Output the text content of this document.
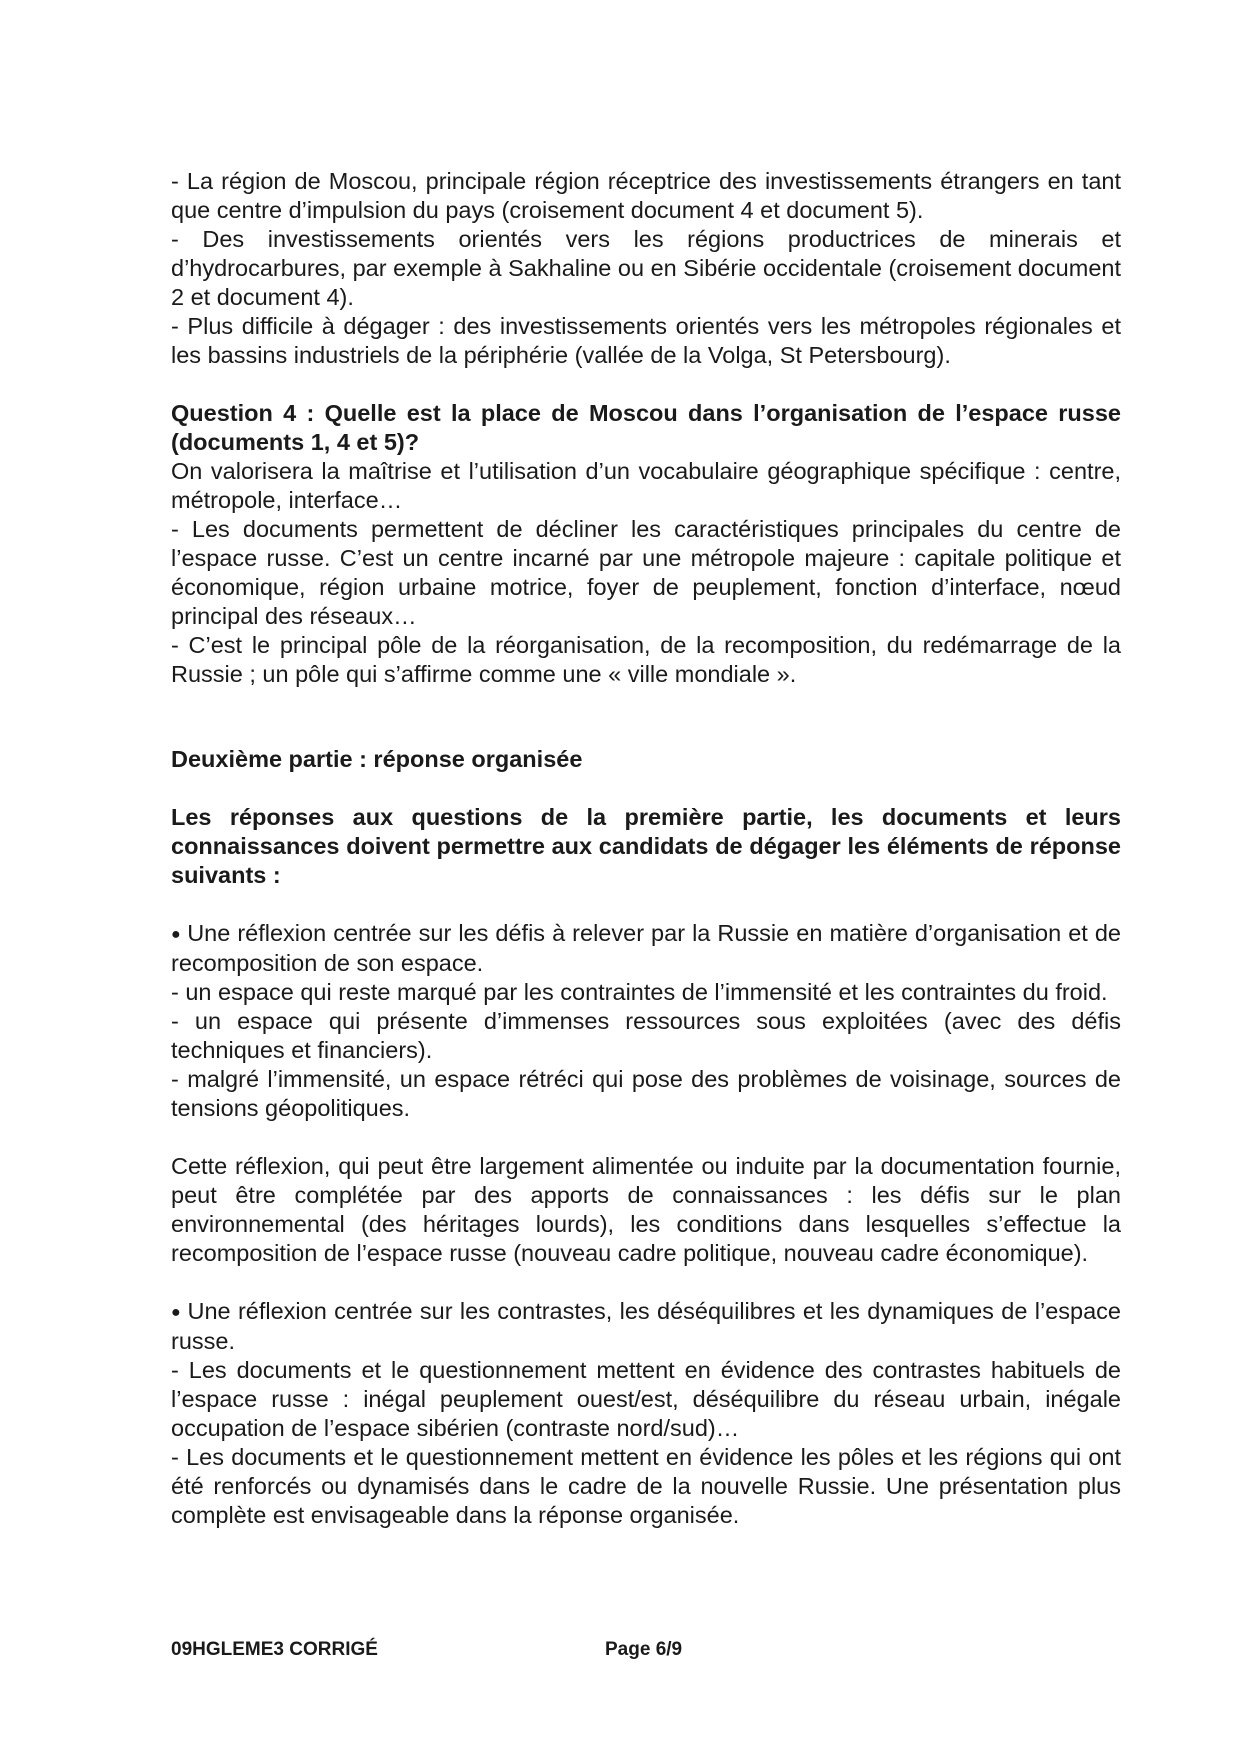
- La région de Moscou, principale région réceptrice des investissements étrangers en tant que centre d’impulsion du pays (croisement document 4 et document 5).

- Des investissements orientés vers les régions productrices de minerais et d’hydrocarbures, par exemple à Sakhaline ou en Sibérie occidentale (croisement document 2 et document 4).

- Plus difficile à dégager : des investissements orientés vers les métropoles régionales et les bassins industriels de la périphérie (vallée de la Volga, St Petersbourg).

Question 4 : Quelle est la place de Moscou dans l’organisation de l’espace russe (documents 1, 4 et 5)?

On valorisera la maîtrise et l’utilisation d’un vocabulaire géographique spécifique : centre, métropole, interface…

- Les documents permettent de décliner les caractéristiques principales du centre de l’espace russe. C’est un centre incarné par une métropole majeure : capitale politique et économique, région urbaine motrice, foyer de peuplement, fonction d’interface, nœud principal des réseaux…

- C’est le principal pôle de la réorganisation, de la recomposition, du redémarrage de la Russie ; un pôle qui s’affirme comme une « ville mondiale ».

Deuxième partie : réponse organisée

Les réponses aux questions de la première partie, les documents et leurs connaissances doivent permettre aux candidats de dégager les éléments de réponse suivants :

● Une réflexion centrée sur les défis à relever par la Russie en matière d’organisation et de recomposition de son espace.

- un espace qui reste marqué par les contraintes de l’immensité et les contraintes du froid.

- un espace qui présente d’immenses ressources sous exploitées (avec des défis techniques et financiers).

- malgré l’immensité, un espace rétréci qui pose des problèmes de voisinage, sources de tensions géopolitiques.

Cette réflexion, qui peut être largement alimentée ou induite par la documentation fournie, peut être complétée par des apports de connaissances : les défis sur le plan environnemental (des héritages lourds), les conditions dans lesquelles s’effectue la recomposition de l’espace russe (nouveau cadre politique, nouveau cadre économique).

● Une réflexion centrée sur les contrastes, les déséquilibres et les dynamiques de l’espace russe.

- Les documents et le questionnement mettent en évidence des contrastes habituels de l’espace russe : inégal peuplement ouest/est, déséquilibre du réseau urbain, inégale occupation de l’espace sibérien (contraste nord/sud)…

- Les documents et le questionnement mettent en évidence les pôles et les régions qui ont été renforcés ou dynamisés dans le cadre de la nouvelle Russie. Une présentation plus complète est envisageable dans la réponse organisée.

09HGLEME3 CORRIGÉ	Page 6/9
